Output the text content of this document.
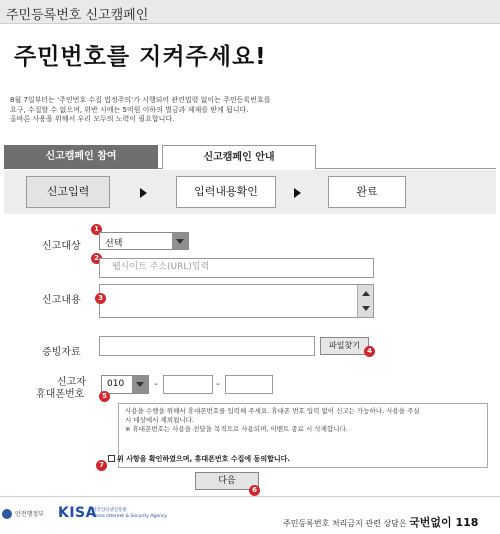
주민등록번호 신고캠페인
주민번호를 지켜주세요!
8월 7일부터는 '주민번호 수집 법정주의'가 시행되어 관련법령 없이는 주민등록번호를
요구, 수집할 수 없으며, 위반 시에는 5억원 이하의 벌금과 제재를 받게 됩니다.
올바른 사용을 위해서 우리 모두의 노력이 필요합니다.
신고캠페인 참여	신고캠페인 안내
신고입력	입력내용확인	완료
신고대상
1
선택
2
웹사이트 주소(URL)입력
신고내용	3
증빙자료
파일찾기
4
신고자
휴대폰번호
010
5
-	-
사용을 수행을 위해서 휴대폰번호를 입력해 주세요. 휴대폰 번호 입력 없이 신고는 가능하나, 사용을 주실
시 대상에서 제외됩니다.
※ 휴대폰번호는 사용을 전달을 목적으로 사용되며, 이벤트 종료 시 삭제합니다.
위 사항을 확인하였으며, 휴대폰번호 수집에 동의합니다.
7
다음
6
안전행정부 KISA
한국인터넷진흥원
Korea Internet & Security Agency
주민등록번호 처리금지 관련 상담은 국번없이 118
